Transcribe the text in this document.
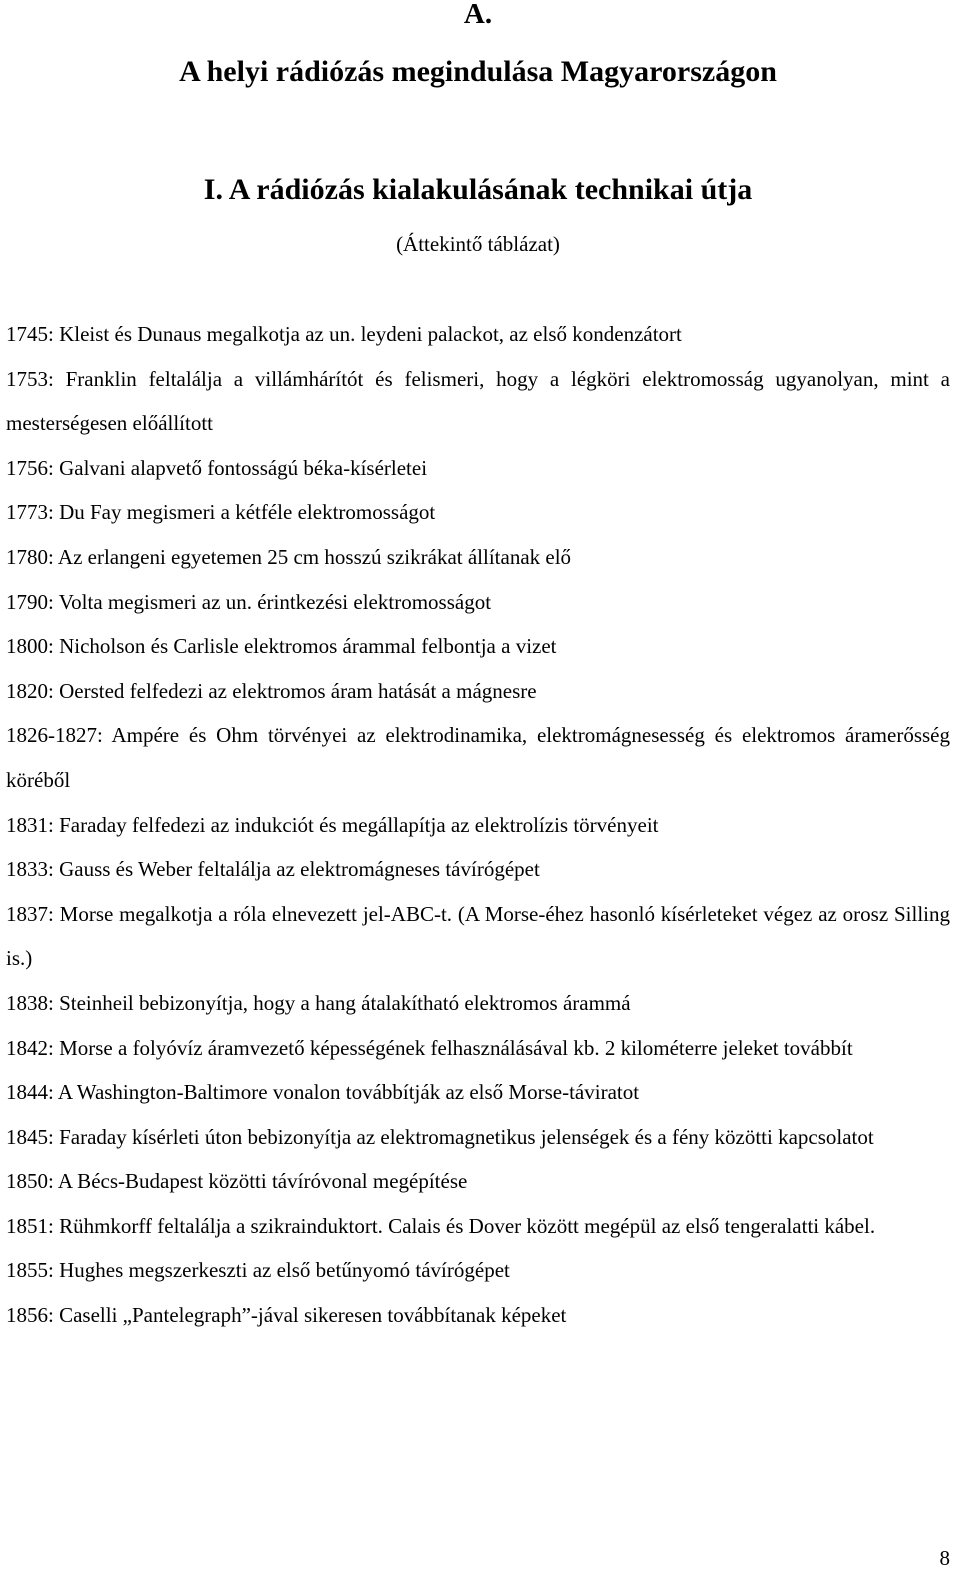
A.
A helyi rádiózás megindulása Magyarországon
I. A rádiózás kialakulásának technikai útja

(Áttekintő táblázat)

1745: Kleist és Dunaus megalkotja az un. leydeni palackot, az első kondenzátort

1753: Franklin feltalálja a villámhárítót és felismeri, hogy a légköri elektromosság ugyanolyan, mint a mesterségesen előállított

1756: Galvani alapvető fontosságú béka-kísérletei

1773: Du Fay megismeri a kétféle elektromosságot

1780: Az erlangeni egyetemen 25 cm hosszú szikrákat állítanak elő

1790: Volta megismeri az un. érintkezési elektromosságot

1800: Nicholson és Carlisle elektromos árammal felbontja a vizet

1820: Oersted felfedezi az elektromos áram hatását a mágnesre

1826-1827: Ampére és Ohm törvényei az elektrodinamika, elektromágnesesség és elektromos áramerősség köréből

1831: Faraday felfedezi az indukciót és megállapítja az elektrolízis törvényeit

1833: Gauss és Weber feltalálja az elektromágneses távírógépet

1837: Morse megalkotja a róla elnevezett jel-ABC-t. (A Morse-éhez hasonló kísérleteket végez az orosz Silling is.)

1838: Steinheil bebizonyítja, hogy a hang átalakítható elektromos árammá

1842: Morse a folyóvíz áramvezető képességének felhasználásával kb. 2 kilométerre jeleket továbbít

1844: A Washington-Baltimore vonalon továbbítják az első Morse-táviratot

1845: Faraday kísérleti úton bebizonyítja az elektromagnetikus jelenségek és a fény közötti kapcsolatot

1850: A Bécs-Budapest közötti távíróvonal megépítése

1851: Rühmkorff feltalálja a szikrainduktort. Calais és Dover között megépül az első tengeralatti kábel.

1855: Hughes megszerkeszti az első betűnyomó távírógépet

1856: Caselli „Pantelegraph”-jával sikeresen továbbítanak képeket

8
